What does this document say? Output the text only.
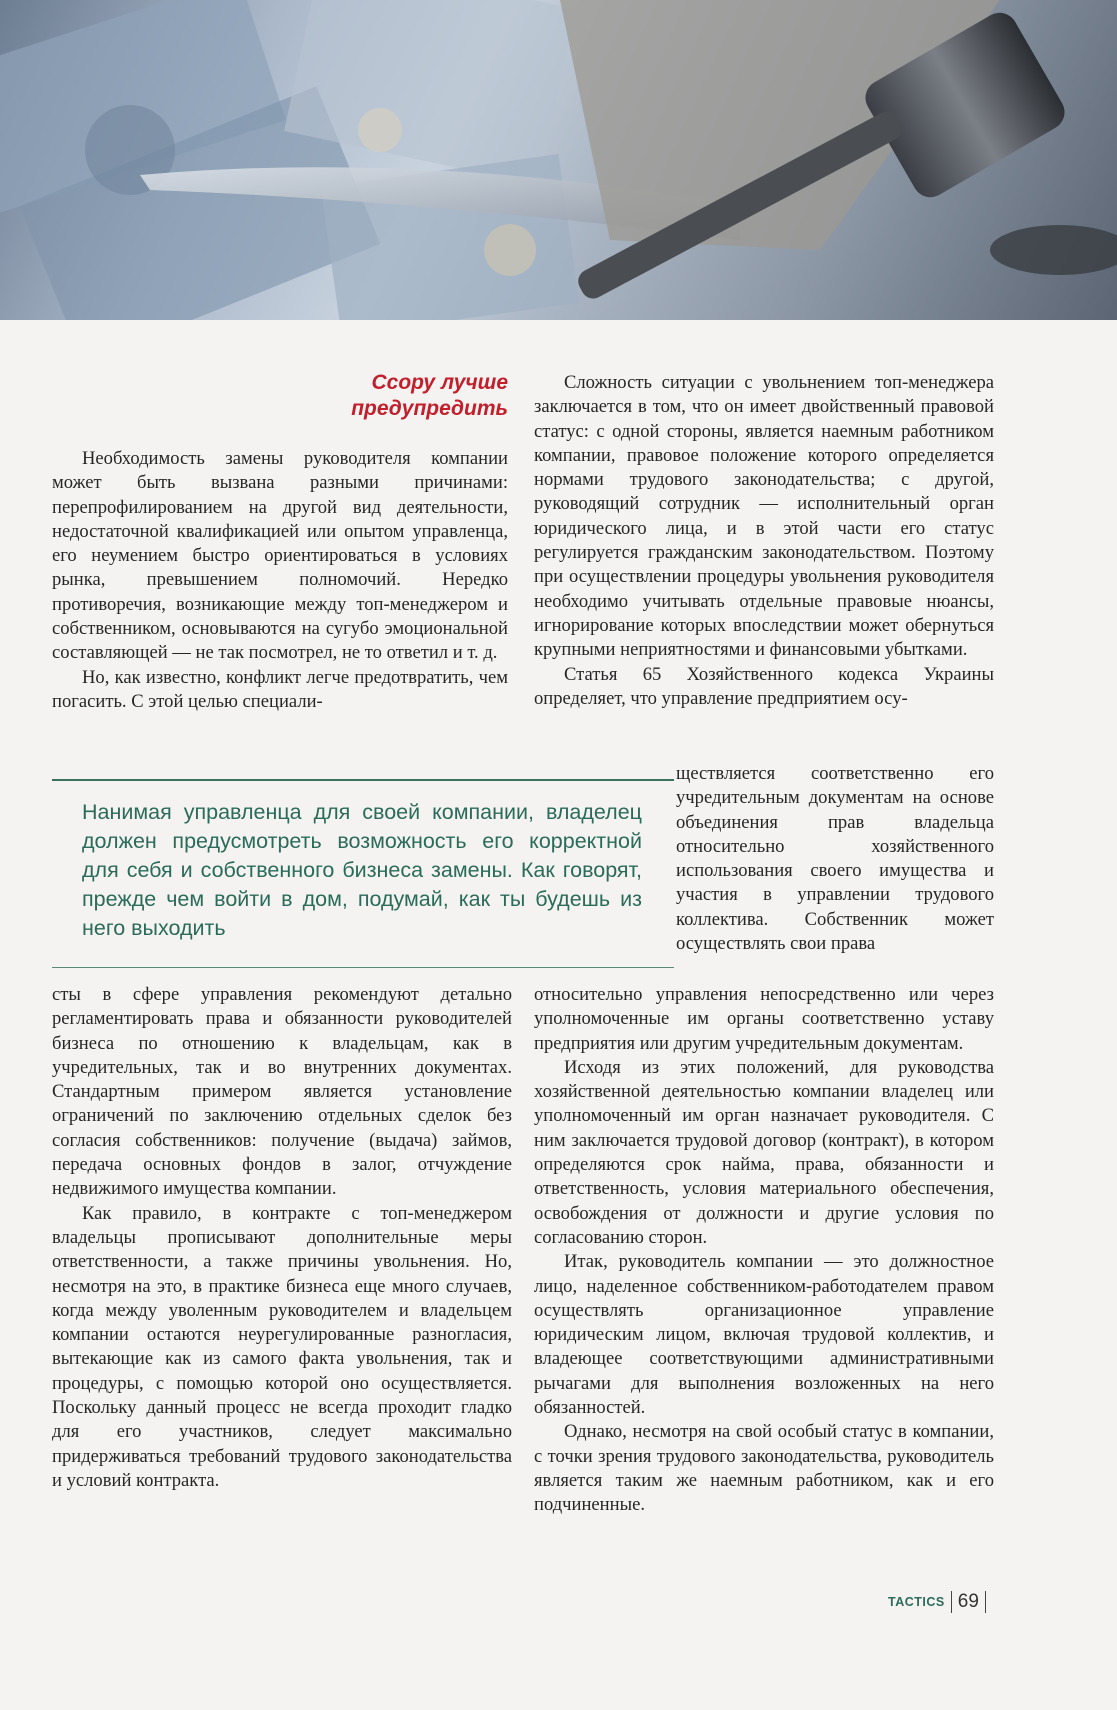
Ссору лучше
предупредить

Необходимость замены руководителя компании может быть вызвана разными причинами: перепрофилированием на другой вид деятельности, недостаточной квалификацией или опытом управленца, его неумением быстро ориентироваться в условиях рынка, превышением полномочий. Нередко противоречия, возникающие между топ-менеджером и собственником, основываются на сугубо эмоциональной составляющей — не так посмотрел, не то ответил и т. д.

Но, как известно, конфликт легче предотвратить, чем погасить. С этой целью специали-

Нанимая управленца для своей компании, владелец должен предусмотреть возможность его корректной для себя и собственного бизнеса замены. Как говорят, прежде чем войти в дом, подумай, как ты будешь из него выходить

сты в сфере управления рекомендуют детально регламентировать права и обязанности руководителей бизнеса по отношению к владельцам, как в учредительных, так и во внутренних документах. Стандартным примером является установление ограничений по заключению отдельных сделок без согласия собственников: получение (выдача) займов, передача основных фондов в залог, отчуждение недвижимого имущества компании.

Как правило, в контракте с топ-менеджером владельцы прописывают дополнительные меры ответственности, а также причины увольнения. Но, несмотря на это, в практике бизнеса еще много случаев, когда между уволенным руководителем и владельцем компании остаются неурегулированные разногласия, вытекающие как из самого факта увольнения, так и процедуры, с помощью которой оно осуществляется. Поскольку данный процесс не всегда проходит гладко для его участников, следует максимально придерживаться требований трудового законодательства и условий контракта.

Сложность ситуации с увольнением топ-менеджера заключается в том, что он имеет двойственный правовой статус: с одной стороны, является наемным работником компании, правовое положение которого определяется нормами трудового законодательства; с другой, руководящий сотрудник — исполнительный орган юридического лица, и в этой части его статус регулируется гражданским законодательством. Поэтому при осуществлении процедуры увольнения руководителя необходимо учитывать отдельные правовые нюансы, игнорирование которых впоследствии может обернуться крупными неприятностями и финансовыми убытками.

Статья 65 Хозяйственного кодекса Украины определяет, что управление предприятием осу-

ществляется соответственно его учредительным документам на основе объединения прав владельца относительно хозяйственного использования своего имущества и участия в управлении трудового коллектива. Собственник может осуществлять свои права

относительно управления непосредственно или через уполномоченные им органы соответственно уставу предприятия или другим учредительным документам.

Исходя из этих положений, для руководства хозяйственной деятельностью компании владелец или уполномоченный им орган назначает руководителя. С ним заключается трудовой договор (контракт), в котором определяются срок найма, права, обязанности и ответственность, условия материального обеспечения, освобождения от должности и другие условия по согласованию сторон.

Итак, руководитель компании — это должностное лицо, наделенное собственником-работодателем правом осуществлять организационное управление юридическим лицом, включая трудовой коллектив, и владеющее соответствующими административными рычагами для выполнения возложенных на него обязанностей.

Однако, несмотря на свой особый статус в компании, с точки зрения трудового законодательства, руководитель является таким же наемным работником, как и его подчиненные.

TACTICS 69
